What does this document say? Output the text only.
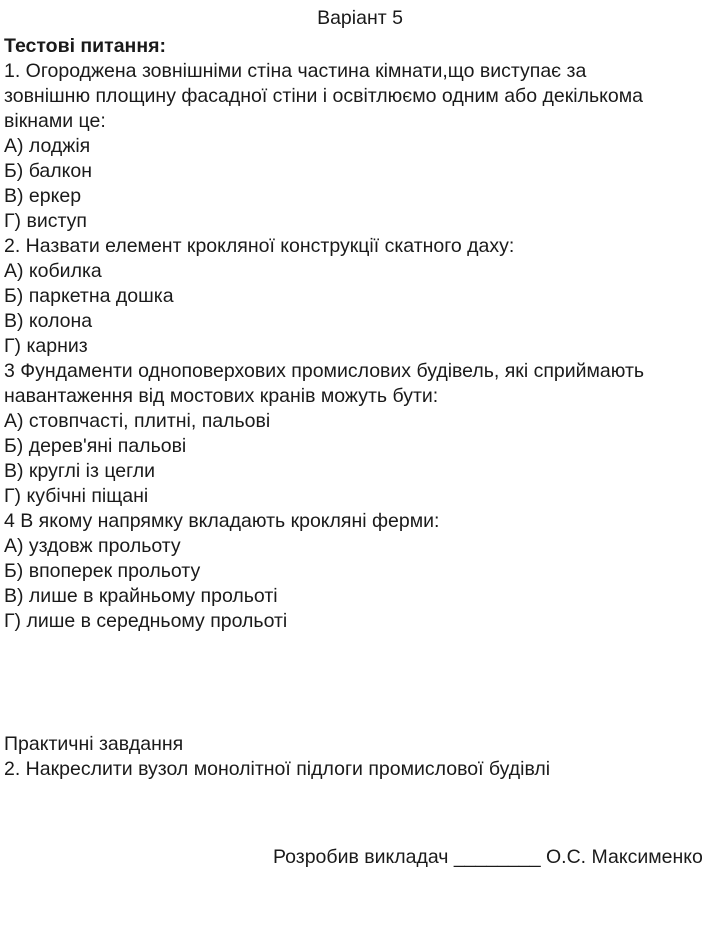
Варіант 5
Тестові питання:
1. Огороджена зовнішніми стіна частина кімнати,що виступає за
зовнішню площину фасадної стіни і освітлюємо одним або декількома
вікнами це:
А) лоджія
Б) балкон
В) еркер
Г) виступ
2. Назвати елемент крокляної конструкції скатного даху:
А) кобилка
Б) паркетна дошка
В) колона
Г) карниз
3 Фундаменти одноповерхових промислових будівель, які сприймають
навантаження від мостових кранів можуть бути:
А) стовпчасті, плитні, пальові
Б) дерев'яні пальові
В) круглі із цегли
Г) кубічні піщані
4 В якому напрямку вкладають крокляні ферми:
А) уздовж прольоту
Б) впоперек прольоту
В) лише в крайньому прольоті
Г) лише в середньому прольоті
Практичні завдання
2. Накреслити вузол монолітної підлоги промислової будівлі
Розробив викладач ________ О.С. Максименко
